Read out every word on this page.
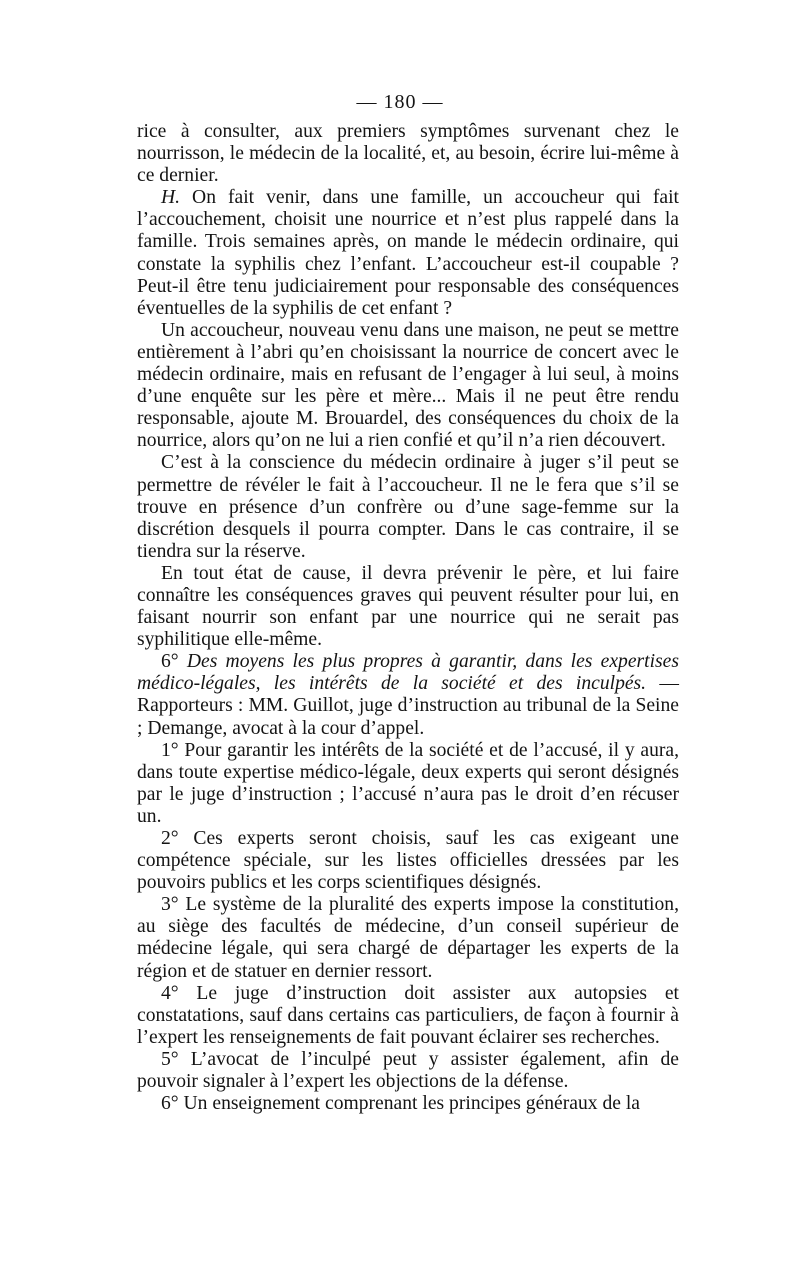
— 180 —

rice à consulter, aux premiers symptômes survenant chez le nourrisson, le médecin de la localité, et, au besoin, écrire lui-même à ce dernier.

H. On fait venir, dans une famille, un accoucheur qui fait l’accouchement, choisit une nourrice et n’est plus rappelé dans la famille. Trois semaines après, on mande le médecin ordinaire, qui constate la syphilis chez l’enfant. L’accoucheur est-il coupable ? Peut-il être tenu judiciairement pour responsable des conséquences éventuelles de la syphilis de cet enfant ?

Un accoucheur, nouveau venu dans une maison, ne peut se mettre entièrement à l’abri qu’en choisissant la nourrice de concert avec le médecin ordinaire, mais en refusant de l’engager à lui seul, à moins d’une enquête sur les père et mère... Mais il ne peut être rendu responsable, ajoute M. Brouardel, des conséquences du choix de la nourrice, alors qu’on ne lui a rien confié et qu’il n’a rien découvert.

C’est à la conscience du médecin ordinaire à juger s’il peut se permettre de révéler le fait à l’accoucheur. Il ne le fera que s’il se trouve en présence d’un confrère ou d’une sage-femme sur la discrétion desquels il pourra compter. Dans le cas contraire, il se tiendra sur la réserve.

En tout état de cause, il devra prévenir le père, et lui faire connaître les conséquences graves qui peuvent résulter pour lui, en faisant nourrir son enfant par une nourrice qui ne serait pas syphilitique elle-même.

6° Des moyens les plus propres à garantir, dans les expertises médico-légales, les intérêts de la société et des inculpés. — Rapporteurs : MM. Guillot, juge d’instruction au tribunal de la Seine ; Demange, avocat à la cour d’appel.

1° Pour garantir les intérêts de la société et de l’accusé, il y aura, dans toute expertise médico-légale, deux experts qui seront désignés par le juge d’instruction ; l’accusé n’aura pas le droit d’en récuser un.

2° Ces experts seront choisis, sauf les cas exigeant une compétence spéciale, sur les listes officielles dressées par les pouvoirs publics et les corps scientifiques désignés.

3° Le système de la pluralité des experts impose la constitution, au siège des facultés de médecine, d’un conseil supérieur de médecine légale, qui sera chargé de départager les experts de la région et de statuer en dernier ressort.

4° Le juge d’instruction doit assister aux autopsies et constatations, sauf dans certains cas particuliers, de façon à fournir à l’expert les renseignements de fait pouvant éclairer ses recherches.

5° L’avocat de l’inculpé peut y assister également, afin de pouvoir signaler à l’expert les objections de la défense.

6° Un enseignement comprenant les principes généraux de la
